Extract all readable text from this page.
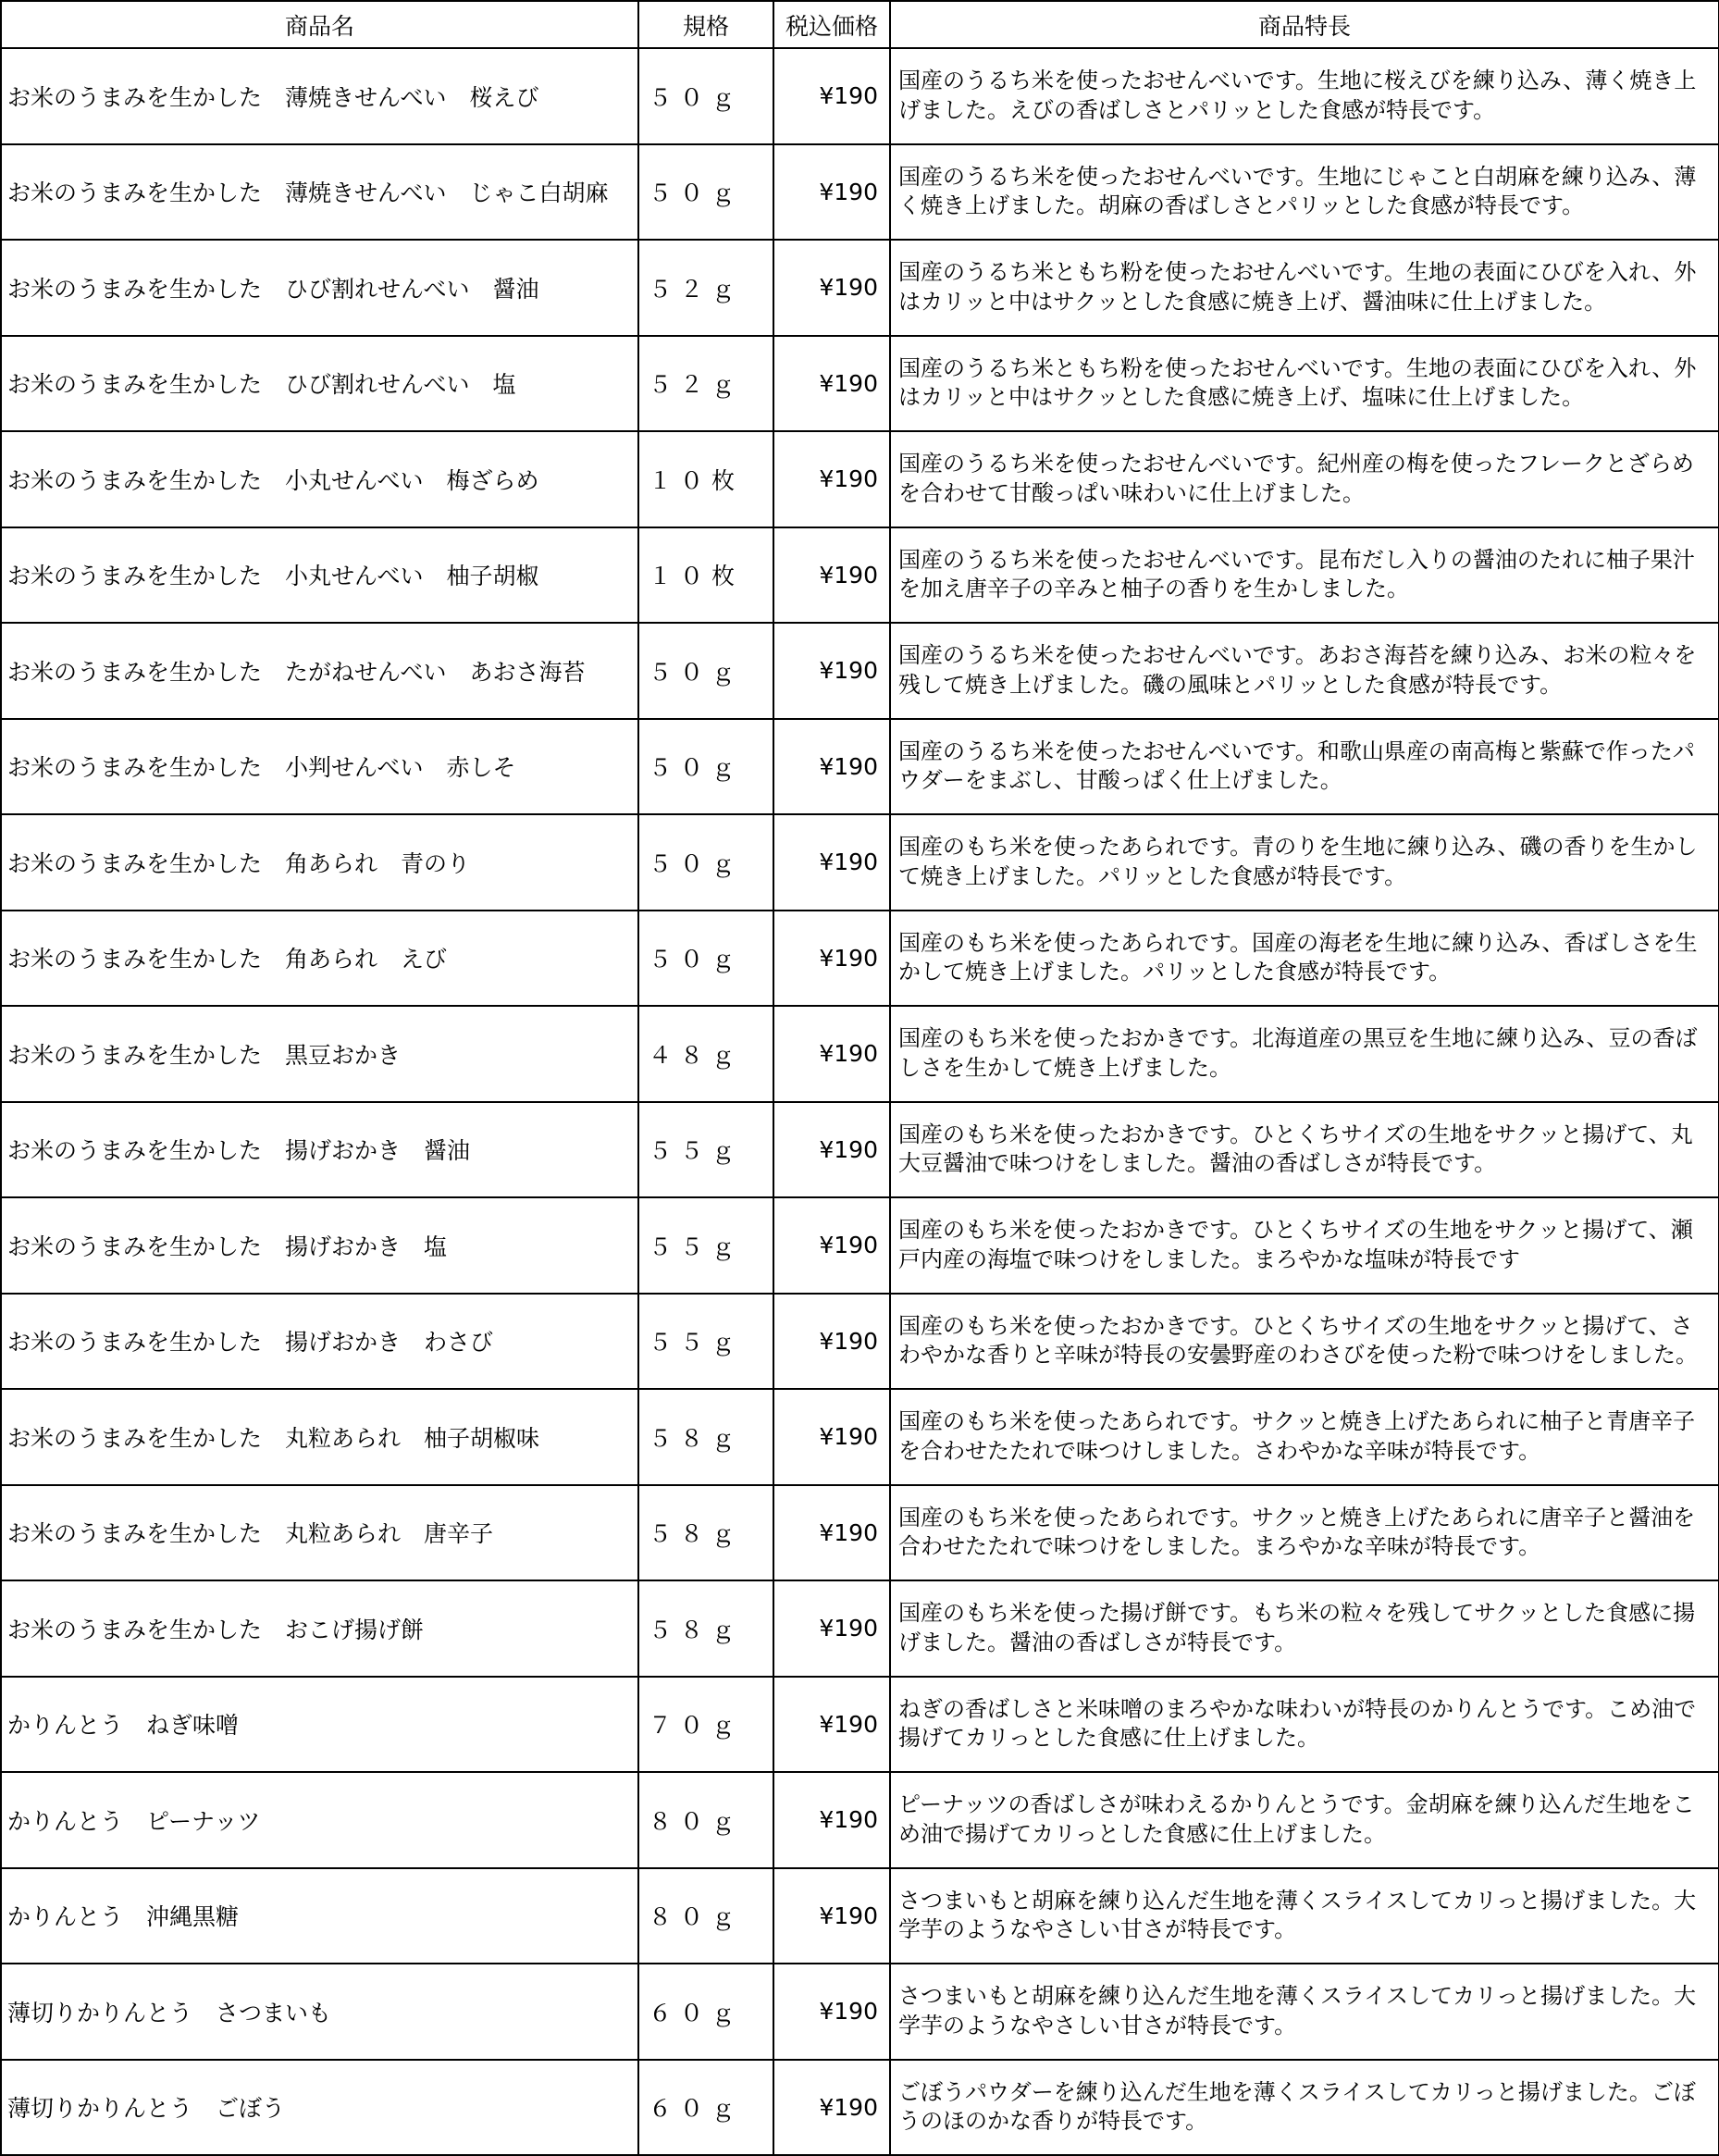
商品名	規格	税込価格	商品特長
お米のうまみを生かした　薄焼きせんべい　桜えび	５０ｇ	¥190	国産のうるち米を使ったおせんべいです。生地に桜えびを練り込み、薄く焼き上げました。えびの香ばしさとパリッとした食感が特長です。
お米のうまみを生かした　薄焼きせんべい　じゃこ白胡麻	５０ｇ	¥190	国産のうるち米を使ったおせんべいです。生地にじゃこと白胡麻を練り込み、薄く焼き上げました。胡麻の香ばしさとパリッとした食感が特長です。
お米のうまみを生かした　ひび割れせんべい　醤油	５２ｇ	¥190	国産のうるち米ともち粉を使ったおせんべいです。生地の表面にひびを入れ、外はカリッと中はサクッとした食感に焼き上げ、醤油味に仕上げました。
お米のうまみを生かした　ひび割れせんべい　塩	５２ｇ	¥190	国産のうるち米ともち粉を使ったおせんべいです。生地の表面にひびを入れ、外はカリッと中はサクッとした食感に焼き上げ、塩味に仕上げました。
お米のうまみを生かした　小丸せんべい　梅ざらめ	１０枚	¥190	国産のうるち米を使ったおせんべいです。紀州産の梅を使ったフレークとざらめを合わせて甘酸っぱい味わいに仕上げました。
お米のうまみを生かした　小丸せんべい　柚子胡椒	１０枚	¥190	国産のうるち米を使ったおせんべいです。昆布だし入りの醤油のたれに柚子果汁を加え唐辛子の辛みと柚子の香りを生かしました。
お米のうまみを生かした　たがねせんべい　あおさ海苔	５０ｇ	¥190	国産のうるち米を使ったおせんべいです。あおさ海苔を練り込み、お米の粒々を残して焼き上げました。磯の風味とパリッとした食感が特長です。
お米のうまみを生かした　小判せんべい　赤しそ	５０ｇ	¥190	国産のうるち米を使ったおせんべいです。和歌山県産の南高梅と紫蘇で作ったパウダーをまぶし、甘酸っぱく仕上げました。
お米のうまみを生かした　角あられ　青のり	５０ｇ	¥190	国産のもち米を使ったあられです。青のりを生地に練り込み、磯の香りを生かして焼き上げました。パリッとした食感が特長です。
お米のうまみを生かした　角あられ　えび	５０ｇ	¥190	国産のもち米を使ったあられです。国産の海老を生地に練り込み、香ばしさを生かして焼き上げました。パリッとした食感が特長です。
お米のうまみを生かした　黒豆おかき	４８ｇ	¥190	国産のもち米を使ったおかきです。北海道産の黒豆を生地に練り込み、豆の香ばしさを生かして焼き上げました。
お米のうまみを生かした　揚げおかき　醤油	５５ｇ	¥190	国産のもち米を使ったおかきです。ひとくちサイズの生地をサクッと揚げて、丸大豆醤油で味つけをしました。醤油の香ばしさが特長です。
お米のうまみを生かした　揚げおかき　塩	５５ｇ	¥190	国産のもち米を使ったおかきです。ひとくちサイズの生地をサクッと揚げて、瀬戸内産の海塩で味つけをしました。まろやかな塩味が特長です
お米のうまみを生かした　揚げおかき　わさび	５５ｇ	¥190	国産のもち米を使ったおかきです。ひとくちサイズの生地をサクッと揚げて、さわやかな香りと辛味が特長の安曇野産のわさびを使った粉で味つけをしました。
お米のうまみを生かした　丸粒あられ　柚子胡椒味	５８ｇ	¥190	国産のもち米を使ったあられです。サクッと焼き上げたあられに柚子と青唐辛子を合わせたたれで味つけしました。さわやかな辛味が特長です。
お米のうまみを生かした　丸粒あられ　唐辛子	５８ｇ	¥190	国産のもち米を使ったあられです。サクッと焼き上げたあられに唐辛子と醤油を合わせたたれで味つけをしました。まろやかな辛味が特長です。
お米のうまみを生かした　おこげ揚げ餅	５８ｇ	¥190	国産のもち米を使った揚げ餅です。もち米の粒々を残してサクッとした食感に揚げました。醤油の香ばしさが特長です。
かりんとう　ねぎ味噌	７０ｇ	¥190	ねぎの香ばしさと米味噌のまろやかな味わいが特長のかりんとうです。こめ油で揚げてカリっとした食感に仕上げました。
かりんとう　ピーナッツ	８０ｇ	¥190	ピーナッツの香ばしさが味わえるかりんとうです。金胡麻を練り込んだ生地をこめ油で揚げてカリっとした食感に仕上げました。
かりんとう　沖縄黒糖	８０ｇ	¥190	さつまいもと胡麻を練り込んだ生地を薄くスライスしてカリっと揚げました。大学芋のようなやさしい甘さが特長です。
薄切りかりんとう　さつまいも	６０ｇ	¥190	さつまいもと胡麻を練り込んだ生地を薄くスライスしてカリっと揚げました。大学芋のようなやさしい甘さが特長です。
薄切りかりんとう　ごぼう	６０ｇ	¥190	ごぼうパウダーを練り込んだ生地を薄くスライスしてカリっと揚げました。ごぼうのほのかな香りが特長です。
